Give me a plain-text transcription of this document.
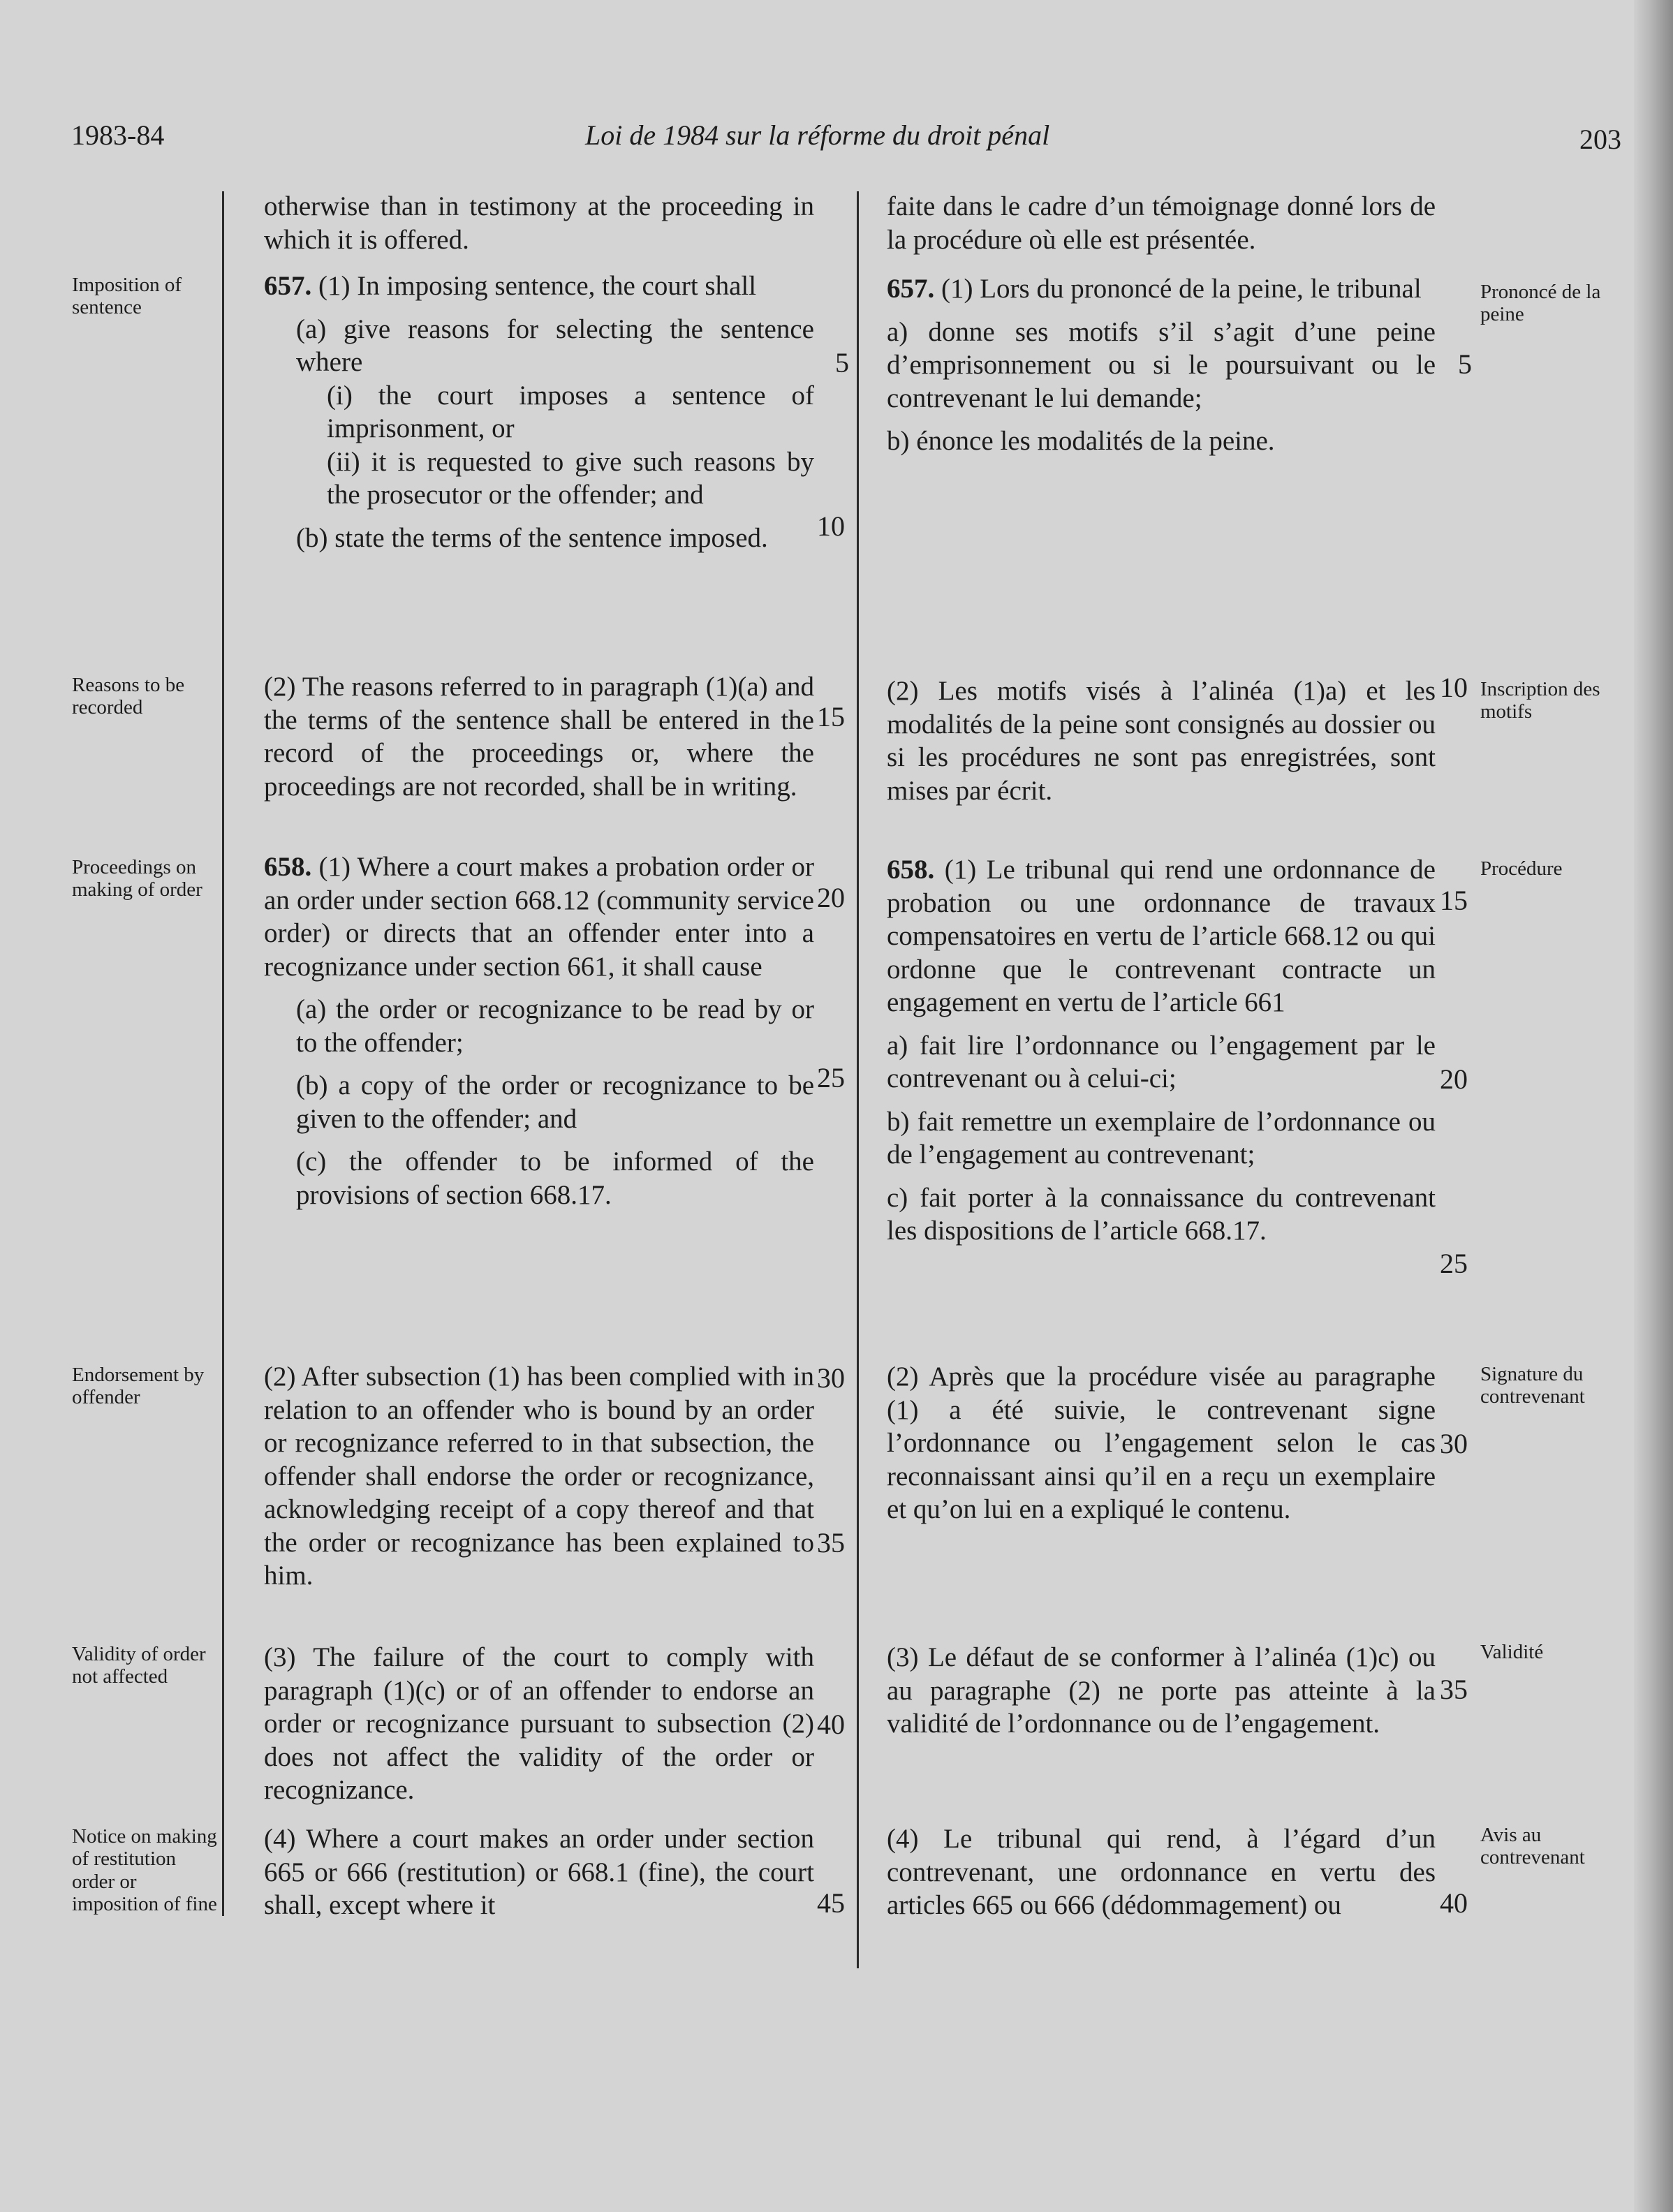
1983-84	Loi de 1984 sur la réforme du droit pénal	203
Imposition of sentence
Reasons to be recorded
Proceedings on making of order
Endorsement by offender
Validity of order not affected
Notice on making of restitution order or imposition of fine
Prononcé de la peine
Inscription des motifs
Procédure
Signature du contrevenant
Validité
Avis au contrevenant

otherwise than in testimony at the proceeding in which it is offered.

657. (1) In imposing sentence, the court shall

(a) give reasons for selecting the sentence where

(i) the court imposes a sentence of imprisonment, or

(ii) it is requested to give such reasons by the prosecutor or the offender; and

(b) state the terms of the sentence imposed.

(2) The reasons referred to in paragraph (1)(a) and the terms of the sentence shall be entered in the record of the proceedings or, where the proceedings are not recorded, shall be in writing.

658. (1) Where a court makes a probation order or an order under section 668.12 (community service order) or directs that an offender enter into a recognizance under section 661, it shall cause

(a) the order or recognizance to be read by or to the offender;

(b) a copy of the order or recognizance to be given to the offender; and

(c) the offender to be informed of the provisions of section 668.17.

(2) After subsection (1) has been complied with in relation to an offender who is bound by an order or recognizance referred to in that subsection, the offender shall endorse the order or recognizance, acknowledging receipt of a copy thereof and that the order or recognizance has been explained to him.

(3) The failure of the court to comply with paragraph (1)(c) or of an offender to endorse an order or recognizance pursuant to subsection (2) does not affect the validity of the order or recognizance.

(4) Where a court makes an order under section 665 or 666 (restitution) or 668.1 (fine), the court shall, except where it

faite dans le cadre d’un témoignage donné lors de la procédure où elle est présentée.

657. (1) Lors du prononcé de la peine, le tribunal

a) donne ses motifs s’il s’agit d’une peine d’emprisonnement ou si le poursuivant ou le contrevenant le lui demande;

b) énonce les modalités de la peine.

(2) Les motifs visés à l’alinéa (1)a) et les modalités de la peine sont consignés au dossier ou si les procédures ne sont pas enregistrées, sont mises par écrit.

658. (1) Le tribunal qui rend une ordonnance de probation ou une ordonnance de travaux compensatoires en vertu de l’article 668.12 ou qui ordonne que le contrevenant contracte un engagement en vertu de l’article 661

a) fait lire l’ordonnance ou l’engagement par le contrevenant ou à celui-ci;

b) fait remettre un exemplaire de l’ordonnance ou de l’engagement au contrevenant;

c) fait porter à la connaissance du contrevenant les dispositions de l’article 668.17.

(2) Après que la procédure visée au paragraphe (1) a été suivie, le contrevenant signe l’ordonnance ou l’engagement selon le cas reconnaissant ainsi qu’il en a reçu un exemplaire et qu’on lui en a expliqué le contenu.

(3) Le défaut de se conformer à l’alinéa (1)c) ou au paragraphe (2) ne porte pas atteinte à la validité de l’ordonnance ou de l’engagement.

(4) Le tribunal qui rend, à l’égard d’un contrevenant, une ordonnance en vertu des articles 665 ou 666 (dédommagement) ou

5
10
15
20
25
30
35
40
45
5
10
15
20
25
30
35
40
